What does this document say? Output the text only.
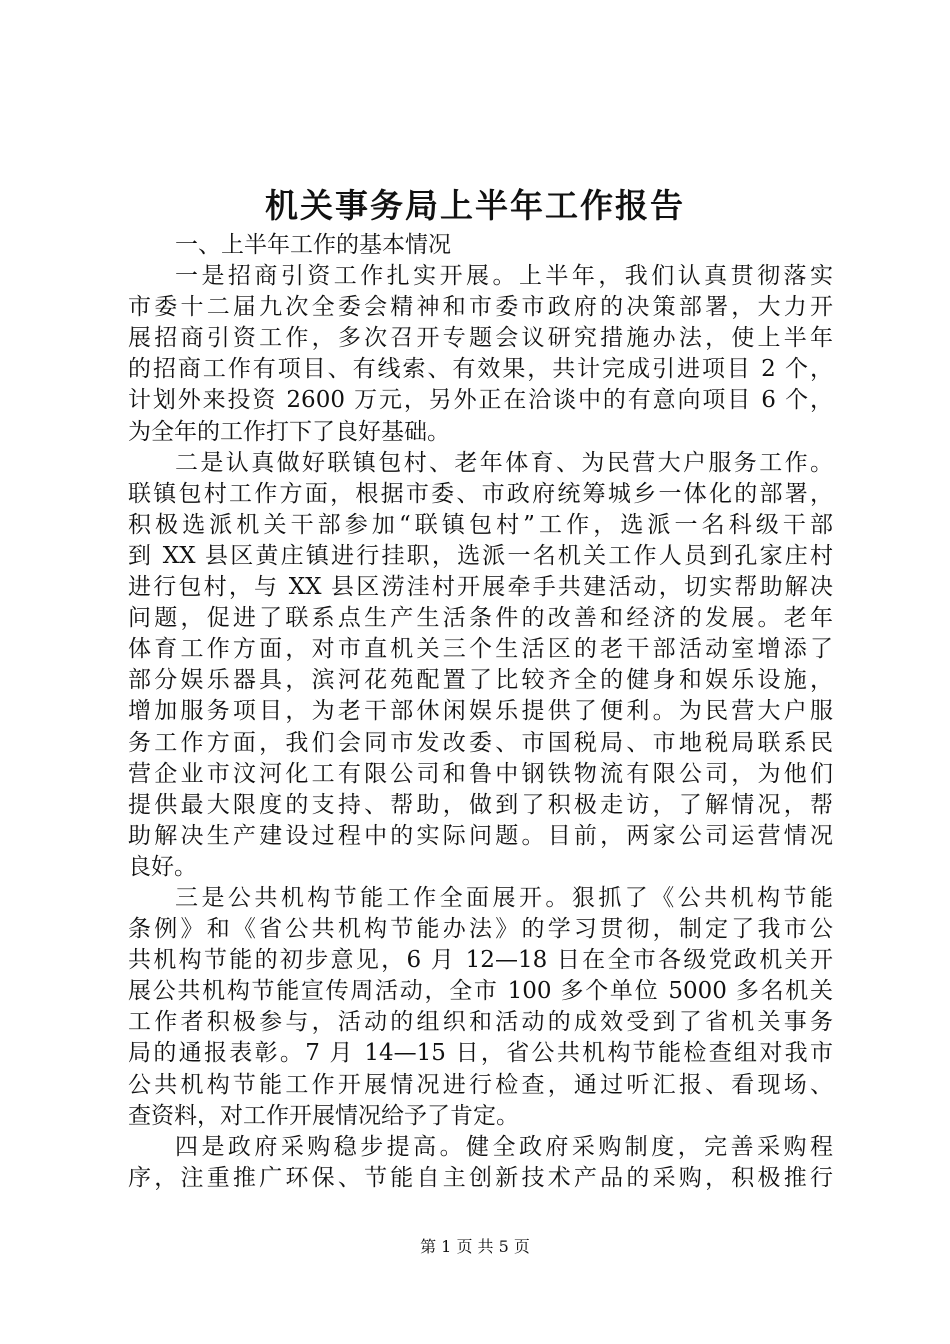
机关事务局上半年工作报告
一、上半年工作的基本情况
一是招商引资工作扎实开展。上半年，我们认真贯彻落实
市委十二届九次全委会精神和市委市政府的决策部署，大力开
展招商引资工作，多次召开专题会议研究措施办法，使上半年
的招商工作有项目、有线索、有效果，共计完成引进项目 2 个，
计划外来投资 2600 万元，另外正在洽谈中的有意向项目 6 个，
为全年的工作打下了良好基础。
二是认真做好联镇包村、老年体育、为民营大户服务工作。
联镇包村工作方面，根据市委、市政府统筹城乡一体化的部署，
积极选派机关干部参加“联镇包村”工作，选派一名科级干部
到 XX 县区黄庄镇进行挂职，选派一名机关工作人员到孔家庄村
进行包村，与 XX 县区涝洼村开展牵手共建活动，切实帮助解决
问题，促进了联系点生产生活条件的改善和经济的发展。老年
体育工作方面，对市直机关三个生活区的老干部活动室增添了
部分娱乐器具，滨河花苑配置了比较齐全的健身和娱乐设施，
增加服务项目，为老干部休闲娱乐提供了便利。为民营大户服
务工作方面，我们会同市发改委、市国税局、市地税局联系民
营企业市汶河化工有限公司和鲁中钢铁物流有限公司，为他们
提供最大限度的支持、帮助，做到了积极走访，了解情况，帮
助解决生产建设过程中的实际问题。目前，两家公司运营情况
良好。
三是公共机构节能工作全面展开。狠抓了《公共机构节能
条例》和《省公共机构节能办法》的学习贯彻，制定了我市公
共机构节能的初步意见，6 月 12—18 日在全市各级党政机关开
展公共机构节能宣传周活动，全市 100 多个单位 5000 多名机关
工作者积极参与，活动的组织和活动的成效受到了省机关事务
局的通报表彰。7 月 14—15 日，省公共机构节能检查组对我市
公共机构节能工作开展情况进行检查，通过听汇报、看现场、
查资料，对工作开展情况给予了肯定。
四是政府采购稳步提高。健全政府采购制度，完善采购程
序，注重推广环保、节能自主创新技术产品的采购，积极推行
第 1 页 共 5 页
